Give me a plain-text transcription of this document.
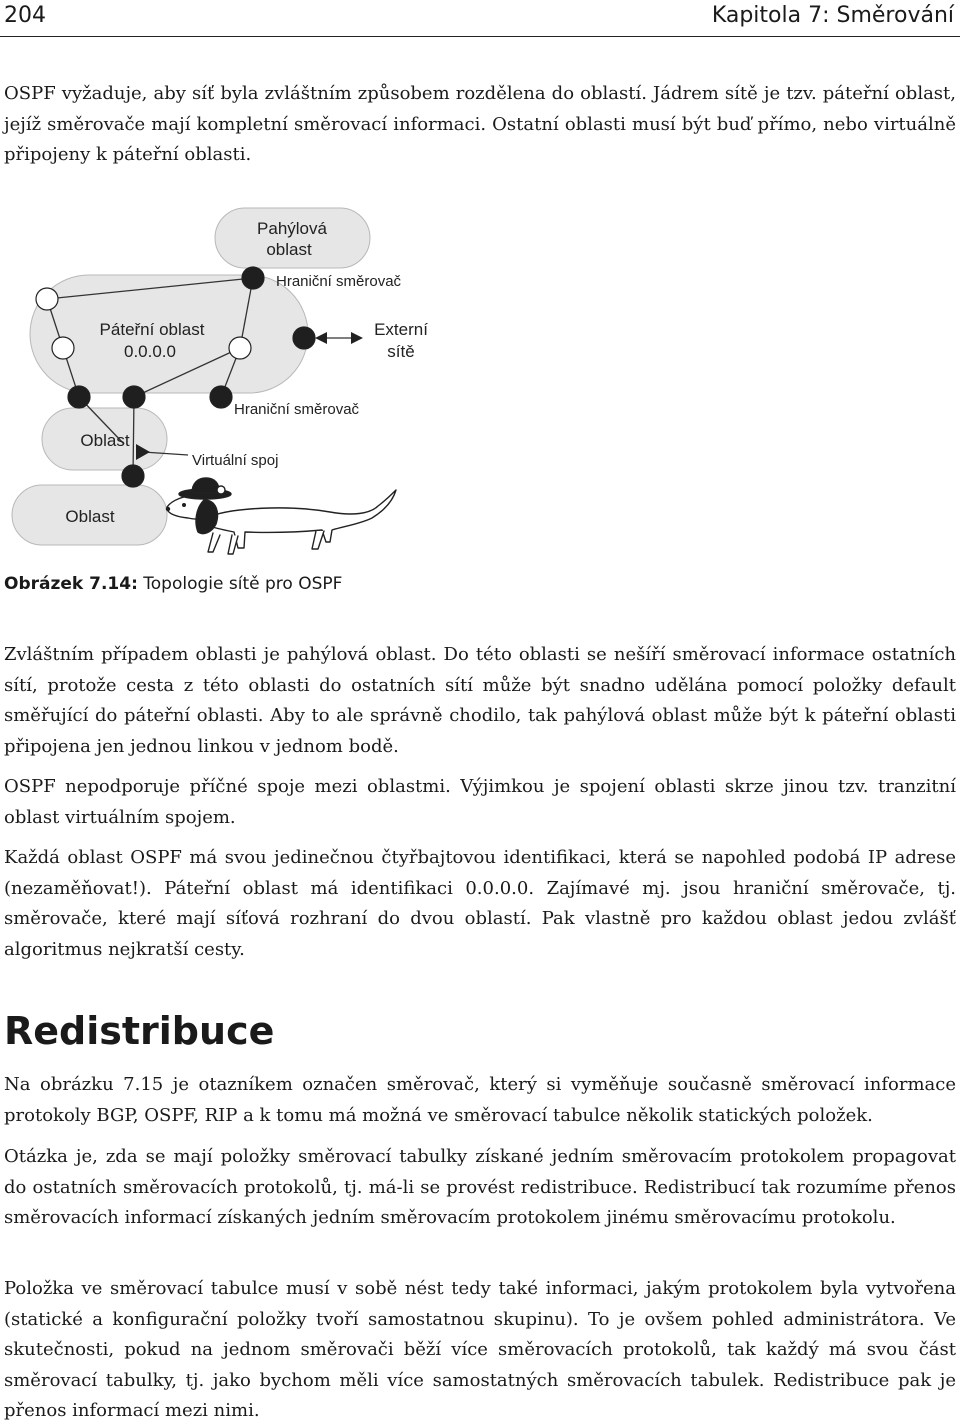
204	Kapitola 7: Směrování

OSPF vyžaduje, aby síť byla zvláštním způsobem rozdělena do oblastí. Jádrem sítě je tzv. páteřní oblast, jejíž směrovače mají kompletní směrovací informaci. Ostatní oblasti musí být buď přímo, nebo virtuálně připojeny k páteřní oblasti.

Pahýlová
oblast
Hraniční směrovač
Páteřní oblast
0.0.0.0
Externí
sítě
Hraniční směrovač
Oblast
Virtuální spoj
Oblast
Obrázek 7.14: Topologie sítě pro OSPF

Zvláštním případem oblasti je pahýlová oblast. Do této oblasti se nešíří směrovací informace ostatních sítí, protože cesta z této oblasti do ostatních sítí může být snadno udělána pomocí položky default směřující do páteřní oblasti. Aby to ale správně chodilo, tak pahýlová oblast může být k páteřní oblasti připojena jen jednou linkou v jednom bodě.

OSPF nepodporuje příčné spoje mezi oblastmi. Výjimkou je spojení oblasti skrze jinou tzv. tranzitní oblast virtuálním spojem.

Každá oblast OSPF má svou jedinečnou čtyřbajtovou identifikaci, která se napohled podobá IP adrese (nezaměňovat!). Páteřní oblast má identifikaci 0.0.0.0. Zajímavé mj. jsou hraniční směrovače, tj. směrovače, které mají síťová rozhraní do dvou oblastí. Pak vlastně pro každou oblast jedou zvlášť algoritmus nejkratší cesty.

Redistribuce

Na obrázku 7.15 je otazníkem označen směrovač, který si vyměňuje současně směrovací informace protokoly BGP, OSPF, RIP a k tomu má možná ve směrovací tabulce několik statických položek.

Otázka je, zda se mají položky směrovací tabulky získané jedním směrovacím protokolem propagovat do ostatních směrovacích protokolů, tj. má-li se provést redistribuce. Redistribucí tak rozumíme přenos směrovacích informací získaných jedním směrovacím protokolem jinému směrovacímu protokolu.

Položka ve směrovací tabulce musí v sobě nést tedy také informaci, jakým protokolem byla vytvořena (statické a konfigurační položky tvoří samostatnou skupinu). To je ovšem pohled administrátora. Ve skutečnosti, pokud na jednom směrovači běží více směrovacích protokolů, tak každý má svou část směrovací tabulky, tj. jako bychom měli více samostatných směrovacích tabulek. Redistribuce pak je přenos informací mezi nimi.
